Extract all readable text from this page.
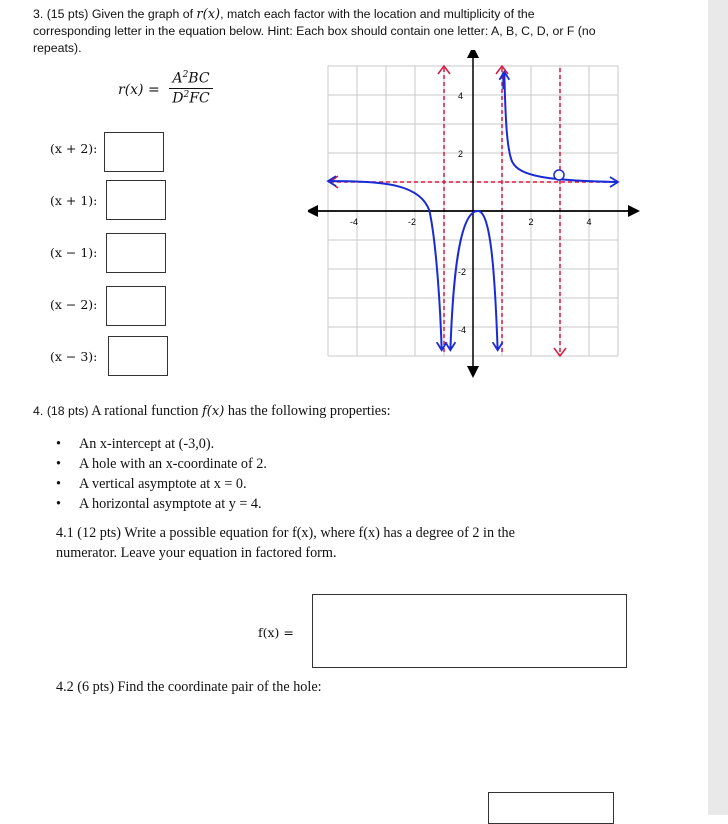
3. (15 pts) Given the graph of r(x), match each factor with the location and multiplicity of the
corresponding letter in the equation below. Hint: Each box should contain one letter: A, B, C, D, or F (no
repeats).
$r(x) = \frac{A^2BC}{D^2FC}$
(x + 2):
(x + 1):
(x − 1):
(x − 2):
(x − 3):
-4	-2	2	4
4
2
-2
-4
4. (18 pts) A rational function f(x) has the following properties:
• An x-intercept at (-3,0).
• A hole with an x-coordinate of 2.
• A vertical asymptote at x = 0.
• A horizontal asymptote at y = 4.
4.1 (12 pts) Write a possible equation for f(x), where f(x) has a degree of 2 in the
numerator. Leave your equation in factored form.
f(x) =
4.2 (6 pts) Find the coordinate pair of the hole:
